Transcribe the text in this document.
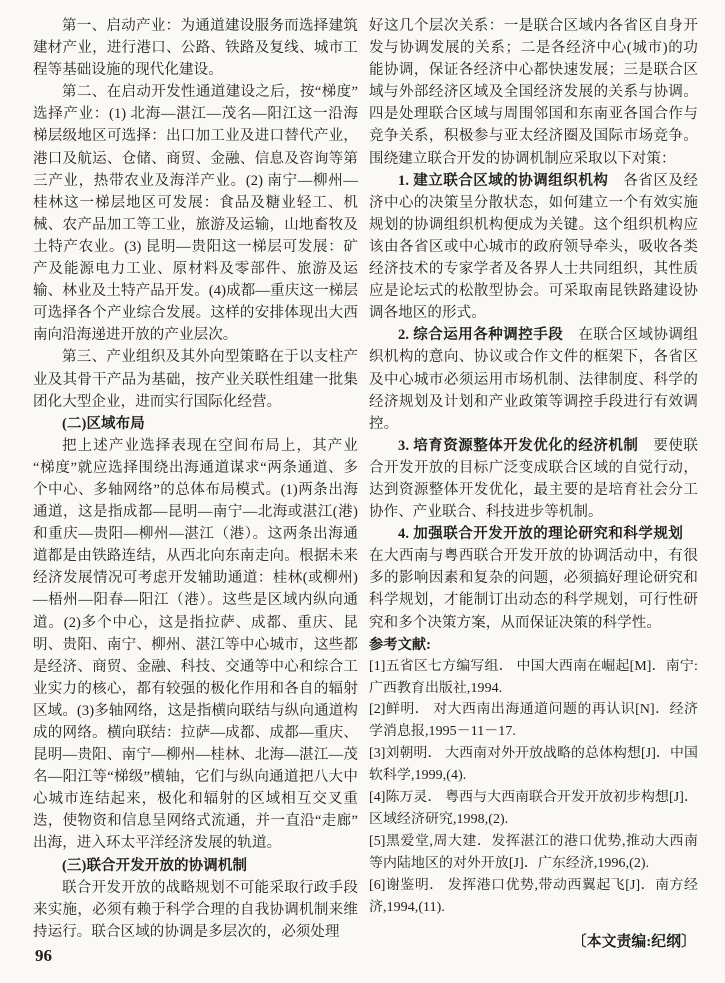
第一、启动产业：为通道建设服务而选择建筑建材产业，进行港口、公路、铁路及复线、城市工程等基础设施的现代化建设。

第二、在启动开发性通道建设之后，按“梯度”选择产业：(1) 北海—湛江—茂名—阳江这一沿海梯层级地区可选择：出口加工业及进口替代产业，港口及航运、仓储、商贸、金融、信息及咨询等第三产业，热带农业及海洋产业。(2) 南宁—柳州—桂林这一梯层地区可发展：食品及糖业轻工、机械、农产品加工等工业，旅游及运输，山地畜牧及土特产农业。(3) 昆明—贵阳这一梯层可发展：矿产及能源电力工业、原材料及零部件、旅游及运输、林业及土特产品开发。(4)成都—重庆这一梯层可选择各个产业综合发展。这样的安排体现出大西南向沿海递进开放的产业层次。

第三、产业组织及其外向型策略在于以支柱产业及其骨干产品为基础，按产业关联性组建一批集团化大型企业，进而实行国际化经营。

(二)区域布局

把上述产业选择表现在空间布局上，其产业“梯度”就应选择围绕出海通道谋求“两条通道、多个中心、多轴网络”的总体布局模式。(1)两条出海通道，这是指成都—昆明—南宁—北海或湛江(港)和重庆—贵阳—柳州—湛江（港）。这两条出海通道都是由铁路连结，从西北向东南走向。根据未来经济发展情况可考虑开发辅助通道：桂林(或柳州)—梧州—阳春—阳江（港）。这些是区域内纵向通道。(2)多个中心，这是指拉萨、成都、重庆、昆明、贵阳、南宁、柳州、湛江等中心城市，这些都是经济、商贸、金融、科技、交通等中心和综合工业实力的核心，都有较强的极化作用和各自的辐射区域。(3)多轴网络，这是指横向联结与纵向通道构成的网络。横向联结：拉萨—成都、成都—重庆、昆明—贵阳、南宁—柳州—桂林、北海—湛江—茂名—阳江等“梯级”横轴，它们与纵向通道把八大中心城市连结起来，极化和辐射的区域相互交叉重迭，使物资和信息呈网络式流通，并一直沿“走廊”出海，进入环太平洋经济发展的轨道。

(三)联合开发开放的协调机制

联合开发开放的战略规划不可能采取行政手段来实施，必须有赖于科学合理的自我协调机制来维持运行。联合区域的协调是多层次的，必须处理

好这几个层次关系：一是联合区域内各省区自身开发与协调发展的关系；二是各经济中心(城市)的功能协调，保证各经济中心都快速发展；三是联合区域与外部经济区域及全国经济发展的关系与协调。四是处理联合区域与周围邻国和东南亚各国合作与竞争关系，积极参与亚太经济圈及国际市场竞争。围绕建立联合开发的协调机制应采取以下对策：

1. 建立联合区域的协调组织机构　各省区及经济中心的决策呈分散状态，如何建立一个有效实施规划的协调组织机构便成为关键。这个组织机构应该由各省区或中心城市的政府领导牵头，吸收各类经济技术的专家学者及各界人士共同组织，其性质应是论坛式的松散型协会。可采取南昆铁路建设协调各地区的形式。

2. 综合运用各种调控手段　在联合区域协调组织机构的意向、协议或合作文件的框架下，各省区及中心城市必须运用市场机制、法律制度、科学的经济规划及计划和产业政策等调控手段进行有效调控。

3. 培育资源整体开发优化的经济机制　要使联合开发开放的目标广泛变成联合区域的自觉行动，达到资源整体开发优化，最主要的是培育社会分工协作、产业联合、科技进步等机制。

4. 加强联合开发开放的理论研究和科学规划　在大西南与粤西联合开发开放的协调活动中，有很多的影响因素和复杂的问题，必须搞好理论研究和科学规划，才能制订出动态的科学规划，可行性研究和多个决策方案，从而保证决策的科学性。

参考文献:

[1]五省区七方编写组． 中国大西南在崛起[M]．南宁:广西教育出版社,1994.

[2]鲜明． 对大西南出海通道问题的再认识[N]．经济学消息报,1995－11－17.

[3]刘朝明． 大西南对外开放战略的总体构想[J]．中国软科学,1999,(4).

[4]陈万灵． 粤西与大西南联合开发开放初步构想[J]．区域经济研究,1998,(2).

[5]黑爱堂,周大建．发挥湛江的港口优势,推动大西南等内陆地区的对外开放[J]．广东经济,1996,(2).

[6]谢鉴明． 发挥港口优势,带动西翼起飞[J]．南方经济,1994,(11).

〔本文责编:纪纲〕

96
